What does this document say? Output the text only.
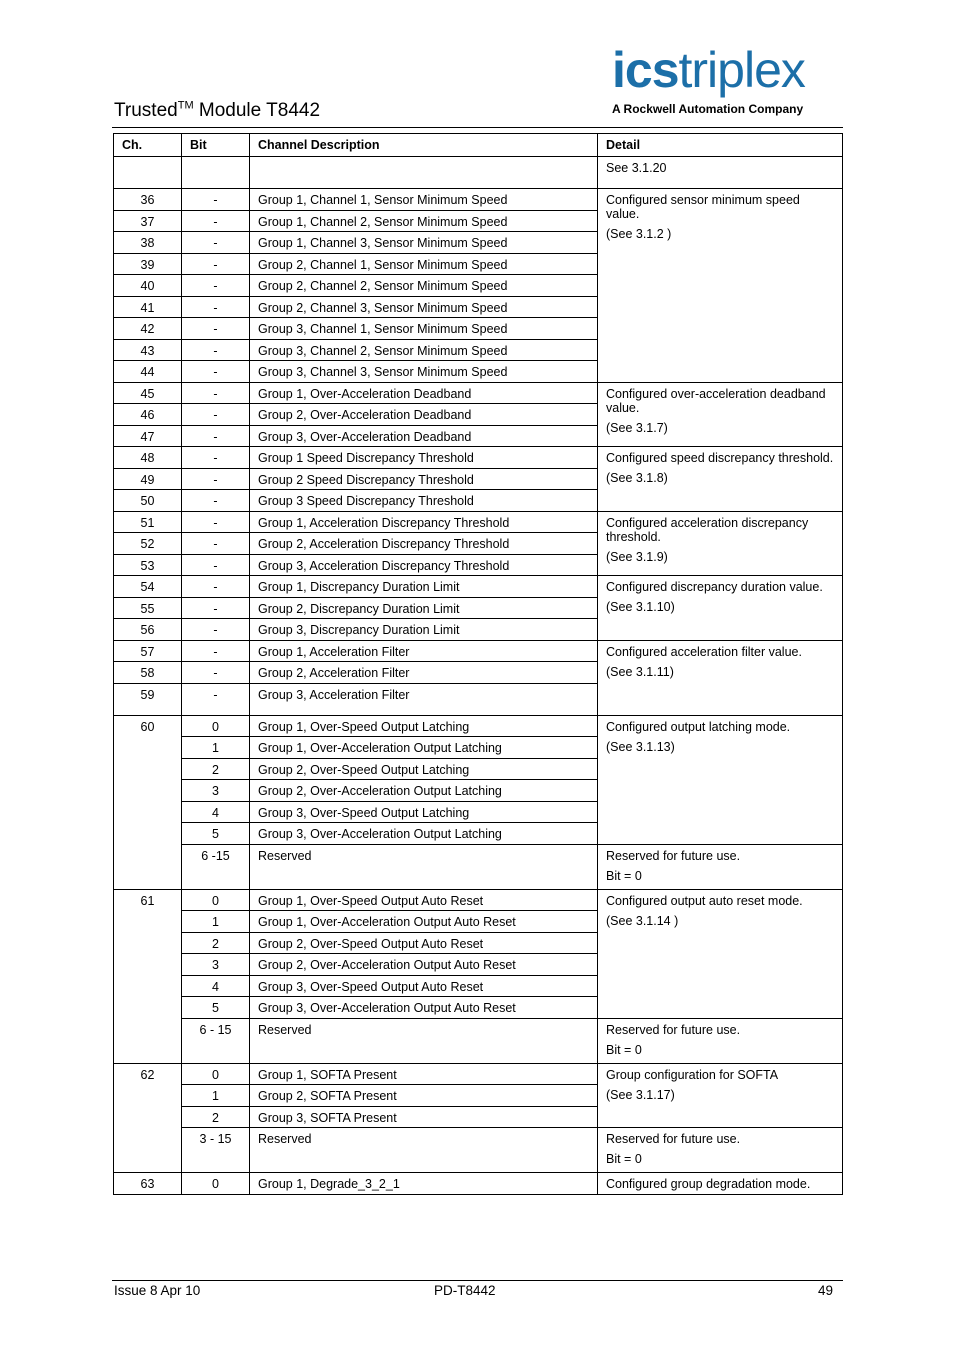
Trusted™ Module T8442
icstriplex
A Rockwell Automation Company
Ch.	Bit	Channel Description	Detail
			See 3.1.20
36	-	Group 1, Channel 1, Sensor Minimum Speed	Configured sensor minimum speed value.

(See 3.1.2 )

37	-	Group 1, Channel 2, Sensor Minimum Speed	
38	-	Group 1, Channel 3, Sensor Minimum Speed	
39	-	Group 2, Channel 1, Sensor Minimum Speed	
40	-	Group 2, Channel 2, Sensor Minimum Speed	
41	-	Group 2, Channel 3, Sensor Minimum Speed	
42	-	Group 3, Channel 1, Sensor Minimum Speed	
43	-	Group 3, Channel 2, Sensor Minimum Speed	
44	-	Group 3, Channel 3, Sensor Minimum Speed	
45	-	Group 1, Over-Acceleration Deadband	Configured over-acceleration deadband value.

(See 3.1.7)

46	-	Group 2, Over-Acceleration Deadband	
47	-	Group 3, Over-Acceleration Deadband	
48	-	Group 1 Speed Discrepancy Threshold	Configured speed discrepancy threshold.

(See 3.1.8)

49	-	Group 2 Speed Discrepancy Threshold	
50	-	Group 3 Speed Discrepancy Threshold	
51	-	Group 1, Acceleration Discrepancy Threshold	Configured acceleration discrepancy threshold.

(See 3.1.9)

52	-	Group 2, Acceleration Discrepancy Threshold	
53	-	Group 3, Acceleration Discrepancy Threshold	
54	-	Group 1, Discrepancy Duration Limit	Configured discrepancy duration value.

(See 3.1.10)

55	-	Group 2, Discrepancy Duration Limit	
56	-	Group 3, Discrepancy Duration Limit	
57	-	Group 1, Acceleration Filter	Configured acceleration filter value.

(See 3.1.11)

58	-	Group 2, Acceleration Filter	
59	-	Group 3, Acceleration Filter	
60	0	Group 1, Over-Speed Output Latching	Configured output latching mode.

(See 3.1.13)

	1	Group 1, Over-Acceleration Output Latching	
	2	Group 2, Over-Speed Output Latching	
	3	Group 2, Over-Acceleration Output Latching	
	4	Group 3, Over-Speed Output Latching	
	5	Group 3, Over-Acceleration Output Latching	
	6 -15	Reserved	Reserved for future use.

Bit = 0

61	0	Group 1, Over-Speed Output Auto Reset	Configured output auto reset mode.

(See 3.1.14 )

	1	Group 1, Over-Acceleration Output Auto Reset	
	2	Group 2, Over-Speed Output Auto Reset	
	3	Group 2, Over-Acceleration Output Auto Reset	
	4	Group 3, Over-Speed Output Auto Reset	
	5	Group 3, Over-Acceleration Output Auto Reset	
	6 - 15	Reserved	Reserved for future use.

Bit = 0

62	0	Group 1, SOFTA Present	Group configuration for SOFTA

(See 3.1.17)

	1	Group 2, SOFTA Present	
	2	Group 3, SOFTA Present	
	3 - 15	Reserved	Reserved for future use.

Bit = 0

63	0	Group 1, Degrade_3_2_1	Configured group degradation mode.
Issue 8 Apr 10	PD-T8442	49
